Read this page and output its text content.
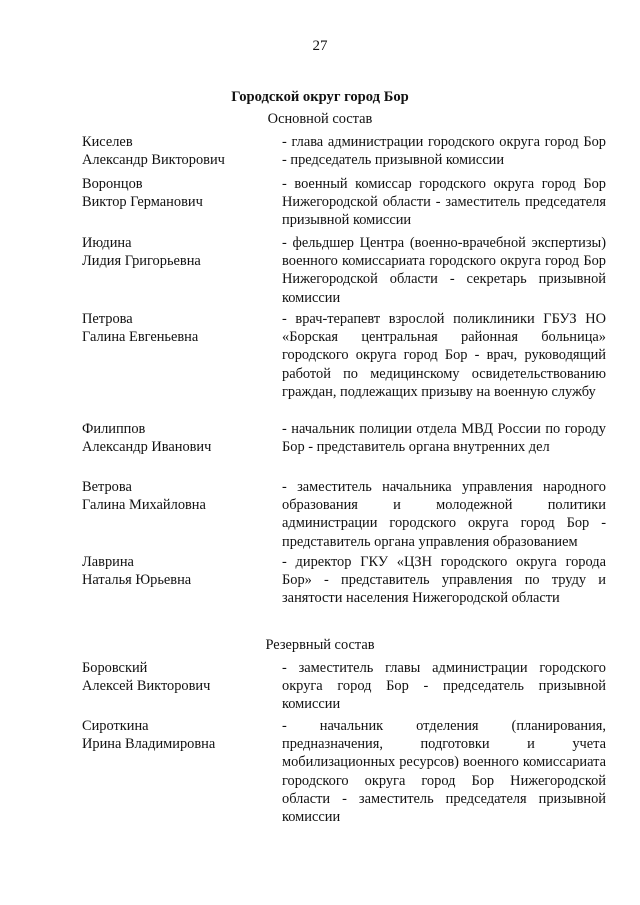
27
Городской округ город Бор
Основной состав
Киселев
Александр Викторович
- глава администрации городского округа город Бор - председатель призывной комиссии
Воронцов
Виктор Германович
- военный комиссар городского округа город Бор Нижегородской области - заместитель председателя призывной комиссии
Июдина
Лидия Григорьевна
- фельдшер Центра (военно-врачебной экспертизы) военного комиссариата городского округа город Бор Нижегородской области - секретарь призывной комиссии
Петрова
Галина Евгеньевна
- врач-терапевт взрослой поликлиники ГБУЗ НО «Борская центральная районная больница» городского округа город Бор - врач, руководящий работой по медицинскому освидетельствованию граждан, подлежащих призыву на военную службу
Филиппов
Александр Иванович
- начальник полиции отдела МВД России по городу Бор - представитель органа внутренних дел
Ветрова
Галина Михайловна
- заместитель начальника управления народного образования и молодежной политики администрации городского округа город Бор - представитель органа управления образованием
Лаврина
Наталья Юрьевна
- директор ГКУ «ЦЗН городского округа города Бор» - представитель управления по труду и занятости населения Нижегородской области
Резервный состав
Боровский
Алексей Викторович
- заместитель главы администрации городского округа город Бор - председатель призывной комиссии
Сироткина
Ирина Владимировна
- начальник отделения (планирования, предназначения, подготовки и учета мобилизационных ресурсов) военного комиссариата городского округа город Бор Нижегородской области - заместитель председателя призывной комиссии
